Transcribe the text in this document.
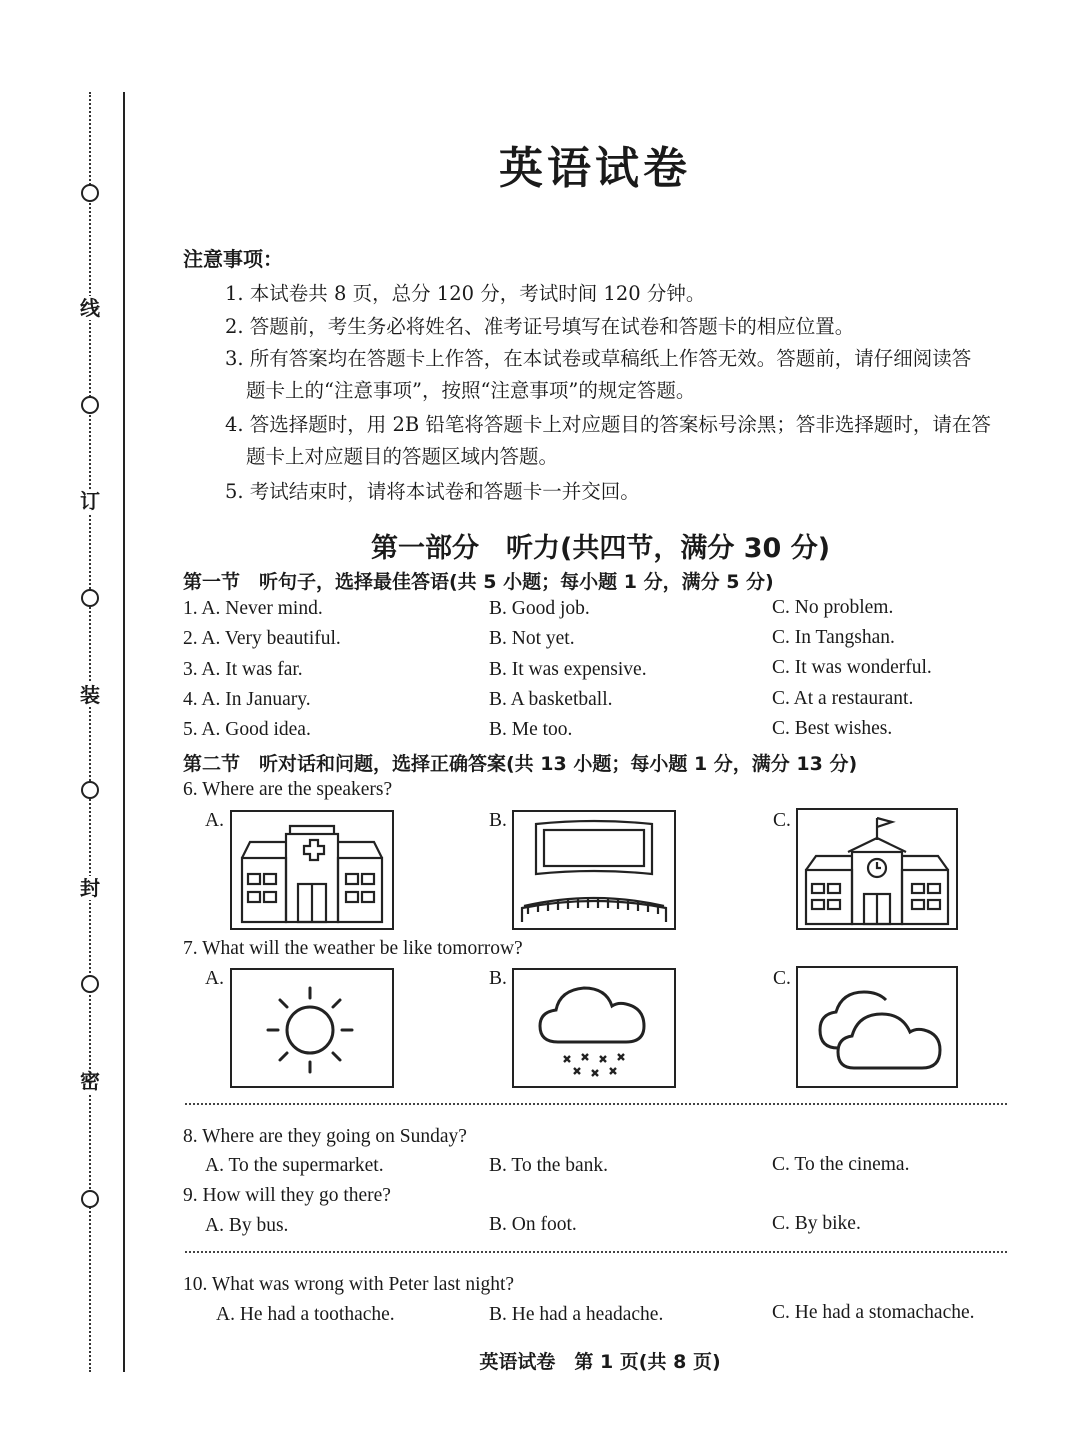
线
订
装
封
密
英语试卷
注意事项：
1. 本试卷共 8 页，总分 120 分，考试时间 120 分钟。
2. 答题前，考生务必将姓名、准考证号填写在试卷和答题卡的相应位置。
3. 所有答案均在答题卡上作答，在本试卷或草稿纸上作答无效。答题前，请仔细阅读答
题卡上的“注意事项”，按照“注意事项”的规定答题。
4. 答选择题时，用 2B 铅笔将答题卡上对应题目的答案标号涂黑；答非选择题时，请在答
题卡上对应题目的答题区域内答题。
5. 考试结束时，请将本试卷和答题卡一并交回。
第一部分　听力(共四节，满分 30 分)
第一节　听句子，选择最佳答语(共 5 小题；每小题 1 分，满分 5 分)
1. A. Never mind.	B. Good job.	C. No problem.
2. A. Very beautiful.	B. Not yet.	C. In Tangshan.
3. A. It was far.	B. It was expensive.	C. It was wonderful.
4. A. In January.	B. A basketball.	C. At a restaurant.
5. A. Good idea.	B. Me too.	C. Best wishes.
第二节　听对话和问题，选择正确答案(共 13 小题；每小题 1 分，满分 13 分)
6. Where are the speakers?
A.	B.	C.
7. What will the weather be like tomorrow?
A.	B.	C.
8. Where are they going on Sunday?
A. To the supermarket.	B. To the bank.	C. To the cinema.
9. How will they go there?
A. By bus.	B. On foot.	C. By bike.
10. What was wrong with Peter last night?
A. He had a toothache.	B. He had a headache.	C. He had a stomachache.
英语试卷　第 1 页(共 8 页)
